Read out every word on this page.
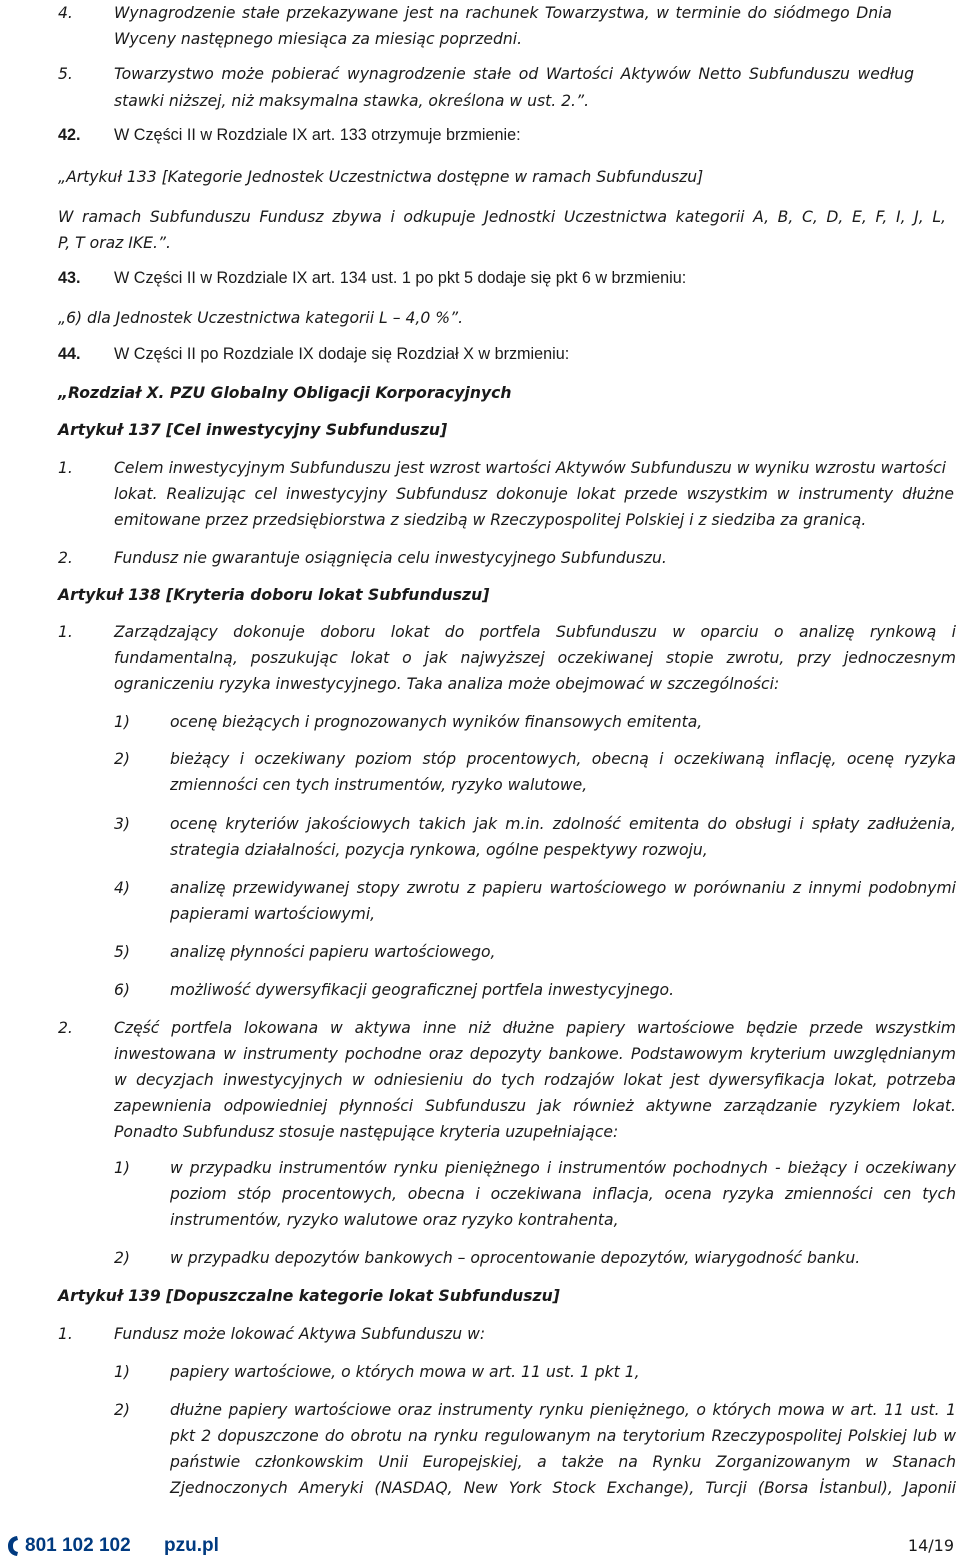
4.	Wynagrodzenie stałe przekazywane jest na rachunek Towarzystwa, w terminie do siódmego Dnia
Wyceny następnego miesiąca za miesiąc poprzedni.
5.	Towarzystwo może pobierać wynagrodzenie stałe od Wartości Aktywów Netto Subfunduszu według
stawki niższej, niż maksymalna stawka, określona w ust. 2.”.
42. W Części II w Rozdziale IX art. 133 otrzymuje brzmienie:
„Artykuł 133 [Kategorie Jednostek Uczestnictwa dostępne w ramach Subfunduszu]
W ramach Subfunduszu Fundusz zbywa i odkupuje Jednostki Uczestnictwa kategorii A, B, C, D, E, F, I, J, L,
P, T oraz IKE.”.
43. W Części II w Rozdziale IX art. 134 ust. 1 po pkt 5 dodaje się pkt 6 w brzmieniu:
„6) dla Jednostek Uczestnictwa kategorii L – 4,0 %”.
44. W Części II po Rozdziale IX dodaje się Rozdział X w brzmieniu:
„Rozdział X. PZU Globalny Obligacji Korporacyjnych
Artykuł 137 [Cel inwestycyjny Subfunduszu]
1.	Celem inwestycyjnym Subfunduszu jest wzrost wartości Aktywów Subfunduszu w wyniku wzrostu wartości
lokat. Realizując cel inwestycyjny Subfundusz dokonuje lokat przede wszystkim w instrumenty dłużne
emitowane przez przedsiębiorstwa z siedzibą w Rzeczypospolitej Polskiej i z siedziba za granicą.
2.	Fundusz nie gwarantuje osiągnięcia celu inwestycyjnego Subfunduszu.
Artykuł 138 [Kryteria doboru lokat Subfunduszu]
1.	Zarządzający dokonuje doboru lokat do portfela Subfunduszu w oparciu o analizę rynkową i
fundamentalną, poszukując lokat o jak najwyższej oczekiwanej stopie zwrotu, przy jednoczesnym
ograniczeniu ryzyka inwestycyjnego. Taka analiza może obejmować w szczególności:
1)	ocenę bieżących i prognozowanych wyników finansowych emitenta,
2)	bieżący i oczekiwany poziom stóp procentowych, obecną i oczekiwaną inflację, ocenę ryzyka
zmienności cen tych instrumentów, ryzyko walutowe,
3)	ocenę kryteriów jakościowych takich jak m.in. zdolność emitenta do obsługi i spłaty zadłużenia,
strategia działalności, pozycja rynkowa, ogólne pespektywy rozwoju,
4)	analizę przewidywanej stopy zwrotu z papieru wartościowego w porównaniu z innymi podobnymi
papierami wartościowymi,
5)	analizę płynności papieru wartościowego,
6)	możliwość dywersyfikacji geograficznej portfela inwestycyjnego.
2.	Część portfela lokowana w aktywa inne niż dłużne papiery wartościowe będzie przede wszystkim
inwestowana w instrumenty pochodne oraz depozyty bankowe. Podstawowym kryterium uwzględnianym
w decyzjach inwestycyjnych w odniesieniu do tych rodzajów lokat jest dywersyfikacja lokat, potrzeba
zapewnienia odpowiedniej płynności Subfunduszu jak również aktywne zarządzanie ryzykiem lokat.
Ponadto Subfundusz stosuje następujące kryteria uzupełniające:
1)	w przypadku instrumentów rynku pieniężnego i instrumentów pochodnych - bieżący i oczekiwany
poziom stóp procentowych, obecna i oczekiwana inflacja, ocena ryzyka zmienności cen tych
instrumentów, ryzyko walutowe oraz ryzyko kontrahenta,
2)	w przypadku depozytów bankowych – oprocentowanie depozytów, wiarygodność banku.
Artykuł 139 [Dopuszczalne kategorie lokat Subfunduszu]
1.	Fundusz może lokować Aktywa Subfunduszu w:
1)	papiery wartościowe, o których mowa w art. 11 ust. 1 pkt 1,
2)	dłużne papiery wartościowe oraz instrumenty rynku pieniężnego, o których mowa w art. 11 ust. 1
pkt 2 dopuszczone do obrotu na rynku regulowanym na terytorium Rzeczypospolitej Polskiej lub w
państwie członkowskim Unii Europejskiej, a także na Rynku Zorganizowanym w Stanach
Zjednoczonych Ameryki (NASDAQ, New York Stock Exchange), Turcji (Borsa İstanbul), Japonii
801 102 102 pzu.pl	14/19
